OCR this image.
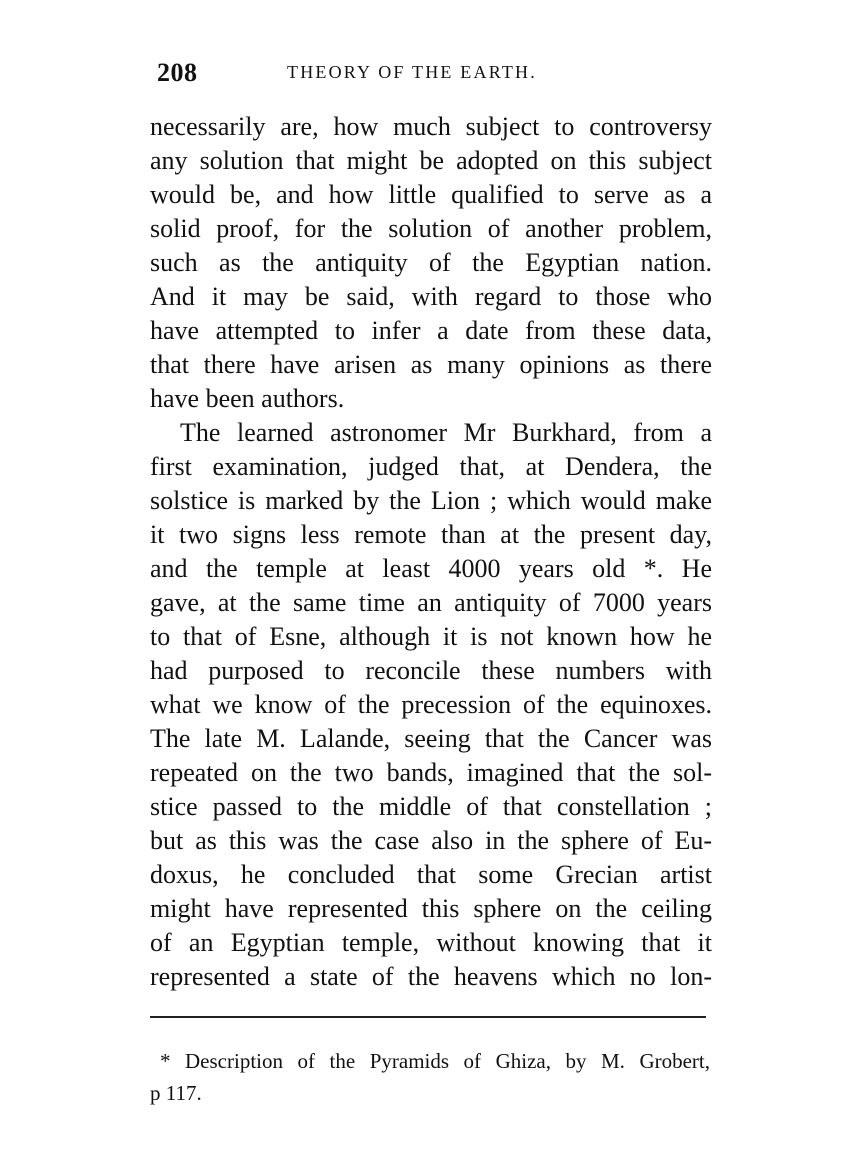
208	THEORY OF THE EARTH.
necessarily are, how much subject to controversy
any solution that might be adopted on this subject
would be, and how little qualified to serve as a
solid proof, for the solution of another problem,
such as the antiquity of the Egyptian nation.
And it may be said, with regard to those who
have attempted to infer a date from these data,
that there have arisen as many opinions as there
have been authors.
The learned astronomer Mr Burkhard, from a
first examination, judged that, at Dendera, the
solstice is marked by the Lion ; which would make
it two signs less remote than at the present day,
and the temple at least 4000 years old *. He
gave, at the same time an antiquity of 7000 years
to that of Esne, although it is not known how he
had purposed to reconcile these numbers with
what we know of the precession of the equinoxes.
The late M. Lalande, seeing that the Cancer was
repeated on the two bands, imagined that the sol-
stice passed to the middle of that constellation ;
but as this was the case also in the sphere of Eu-
doxus, he concluded that some Grecian artist
might have represented this sphere on the ceiling
of an Egyptian temple, without knowing that it
represented a state of the heavens which no lon-
* Description of the Pyramids of Ghiza, by M. Grobert,
p 117.
